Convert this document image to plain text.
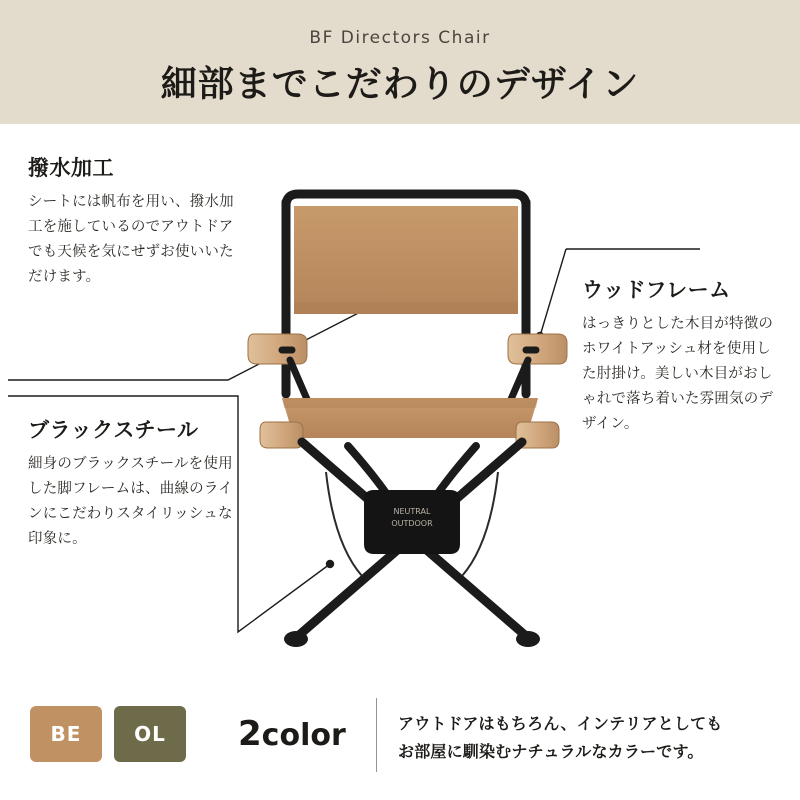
BF Directors Chair
細部までこだわりのデザイン
NEUTRAL
OUTDOOR
撥水加工
シートには帆布を用い、撥水加工を施しているのでアウトドアでも天候を気にせずお使いいただけます。
ブラックスチール
細身のブラックスチールを使用した脚フレームは、曲線のラインにこだわりスタイリッシュな印象に。
ウッドフレーム
はっきりとした木目が特徴のホワイトアッシュ材を使用した肘掛け。美しい木目がおしゃれで落ち着いた雰囲気のデザイン。
BE	OL 2color	アウトドアはもちろん、インテリアとしても
お部屋に馴染むナチュラルなカラーです。
